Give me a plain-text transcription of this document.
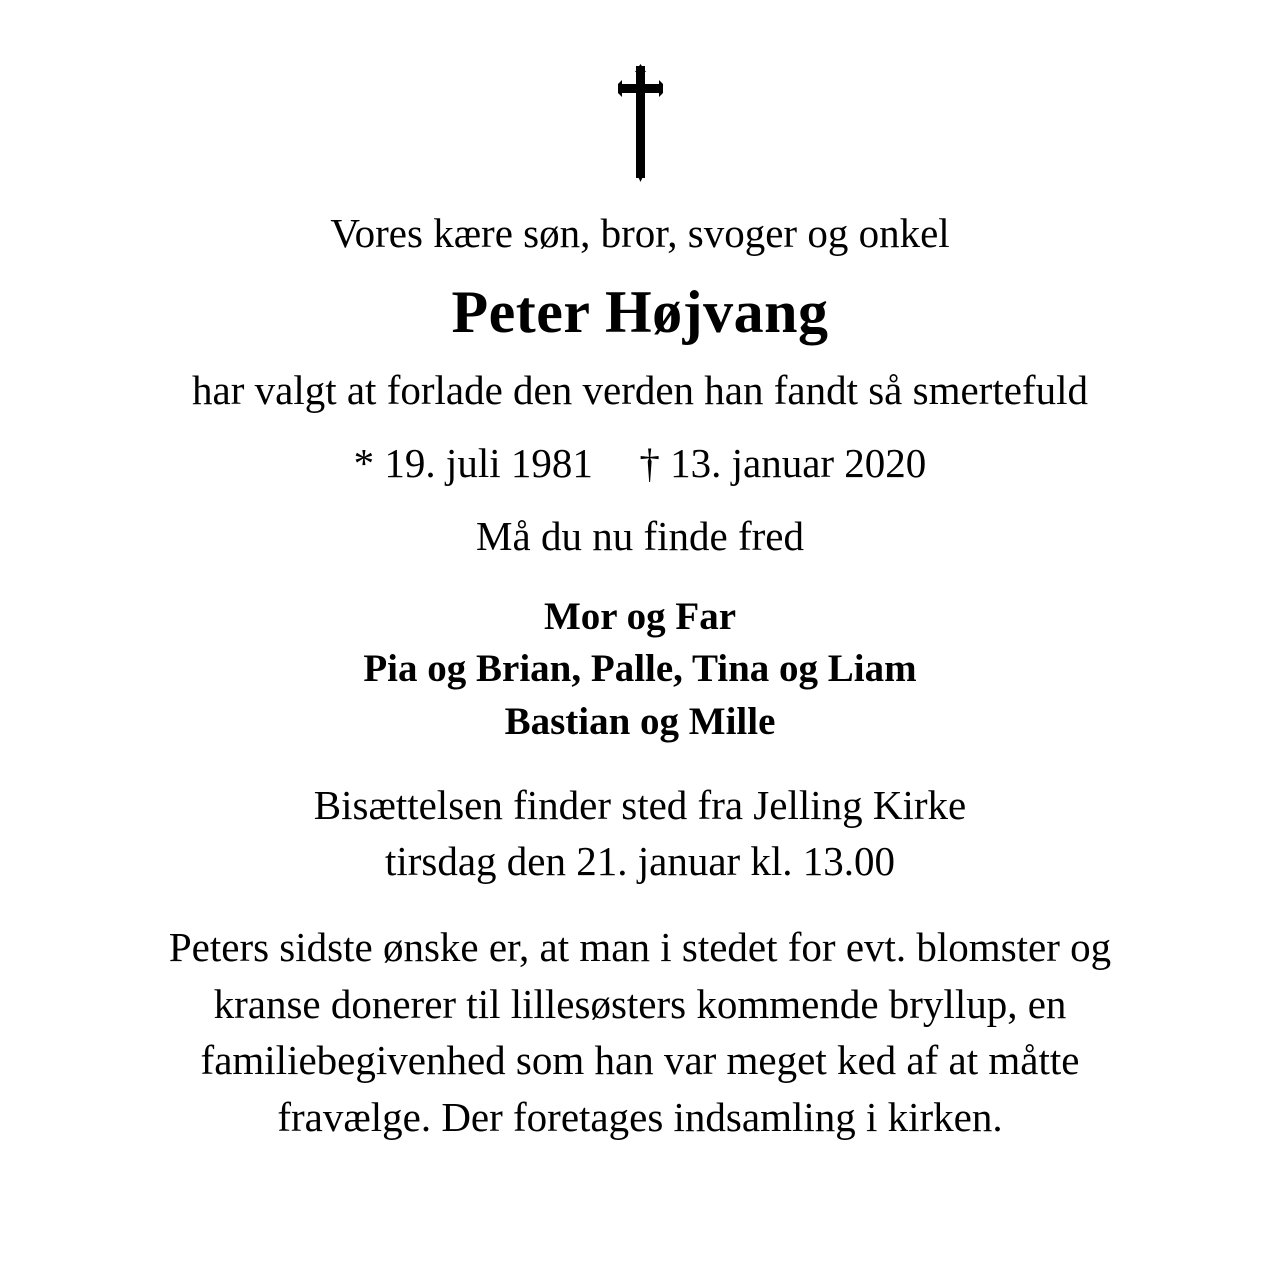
Vores kære søn, bror, svoger og onkel
Peter Højvang
har valgt at forlade den verden han fandt så smertefuld
* 19. juli 1981 † 13. januar 2020
Må du nu finde fred
Mor og Far
Pia og Brian, Palle, Tina og Liam
Bastian og Mille
Bisættelsen finder sted fra Jelling Kirke
tirsdag den 21. januar kl. 13.00
Peters sidste ønske er, at man i stedet for evt. blomster og
kranse donerer til lillesøsters kommende bryllup, en
familiebegivenhed som han var meget ked af at måtte
fravælge. Der foretages indsamling i kirken.
